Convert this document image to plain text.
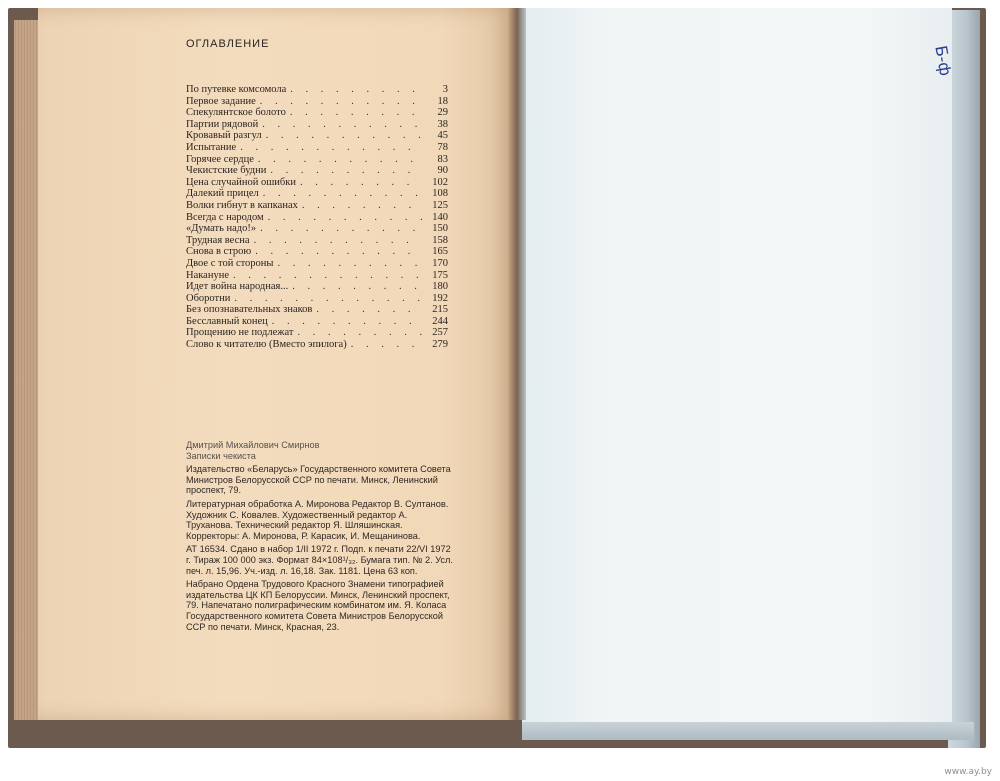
Б-ф
ОГЛАВЛЕНИЕ
По путевке комсомола . . .	3
Первое задание . . .	18
Спекулянтское болото . . .	29
Партии рядовой . . .	38
Кровавый разгул . . .	45
Испытание . . .	78
Горячее сердце . . .	83
Чекистские будни . . .	90
Цена случайной ошибки . . .	102
Далекий прицел . . .	108
Волки гибнут в капканах . . .	125
Всегда с народом . . .	140
«Думать надо!» . . .	150
Трудная весна . . .	158
Снова в строю . . .	165
Двое с той стороны . . .	170
Накануне . . .	175
Идет война народная... . . .	180
Оборотни . . .	192
Без опознавательных знаков . . .	215
Бесславный конец . . .	244
Прощению не подлежат . . .	257
Слово к читателю (Вместо эпилога) . . .	279

Дмитрий Михайлович Смирнов

Записки чекиста

Издательство «Беларусь» Государственного комитета Совета Министров Белорусской ССР по печати. Минск, Ленинский проспект, 79.

Литературная обработка А. Миронова Редактор В. Султанов. Художник С. Ковалев. Художественный редактор А. Труханова. Технический редактор Я. Шляшинская. Корректоры: А. Миронова, Р. Карасик, И. Мещанинова.

АТ 16534. Сдано в набор 1/II 1972 г. Подп. к печати 22/VI 1972 г. Тираж 100 000 экз. Формат 84×108¹/₃₂. Бумага тип. № 2. Усл. печ. л. 15,96. Уч.-изд. л. 16,18. Зак. 1181. Цена 63 коп.

Набрано Ордена Трудового Красного Знамени типографией издательства ЦК КП Белоруссии. Минск, Ленинский проспект, 79. Напечатано полиграфическим комбинатом им. Я. Коласа Государственного комитета Совета Министров Белорусской ССР по печати. Минск, Красная, 23.

www.ay.by
